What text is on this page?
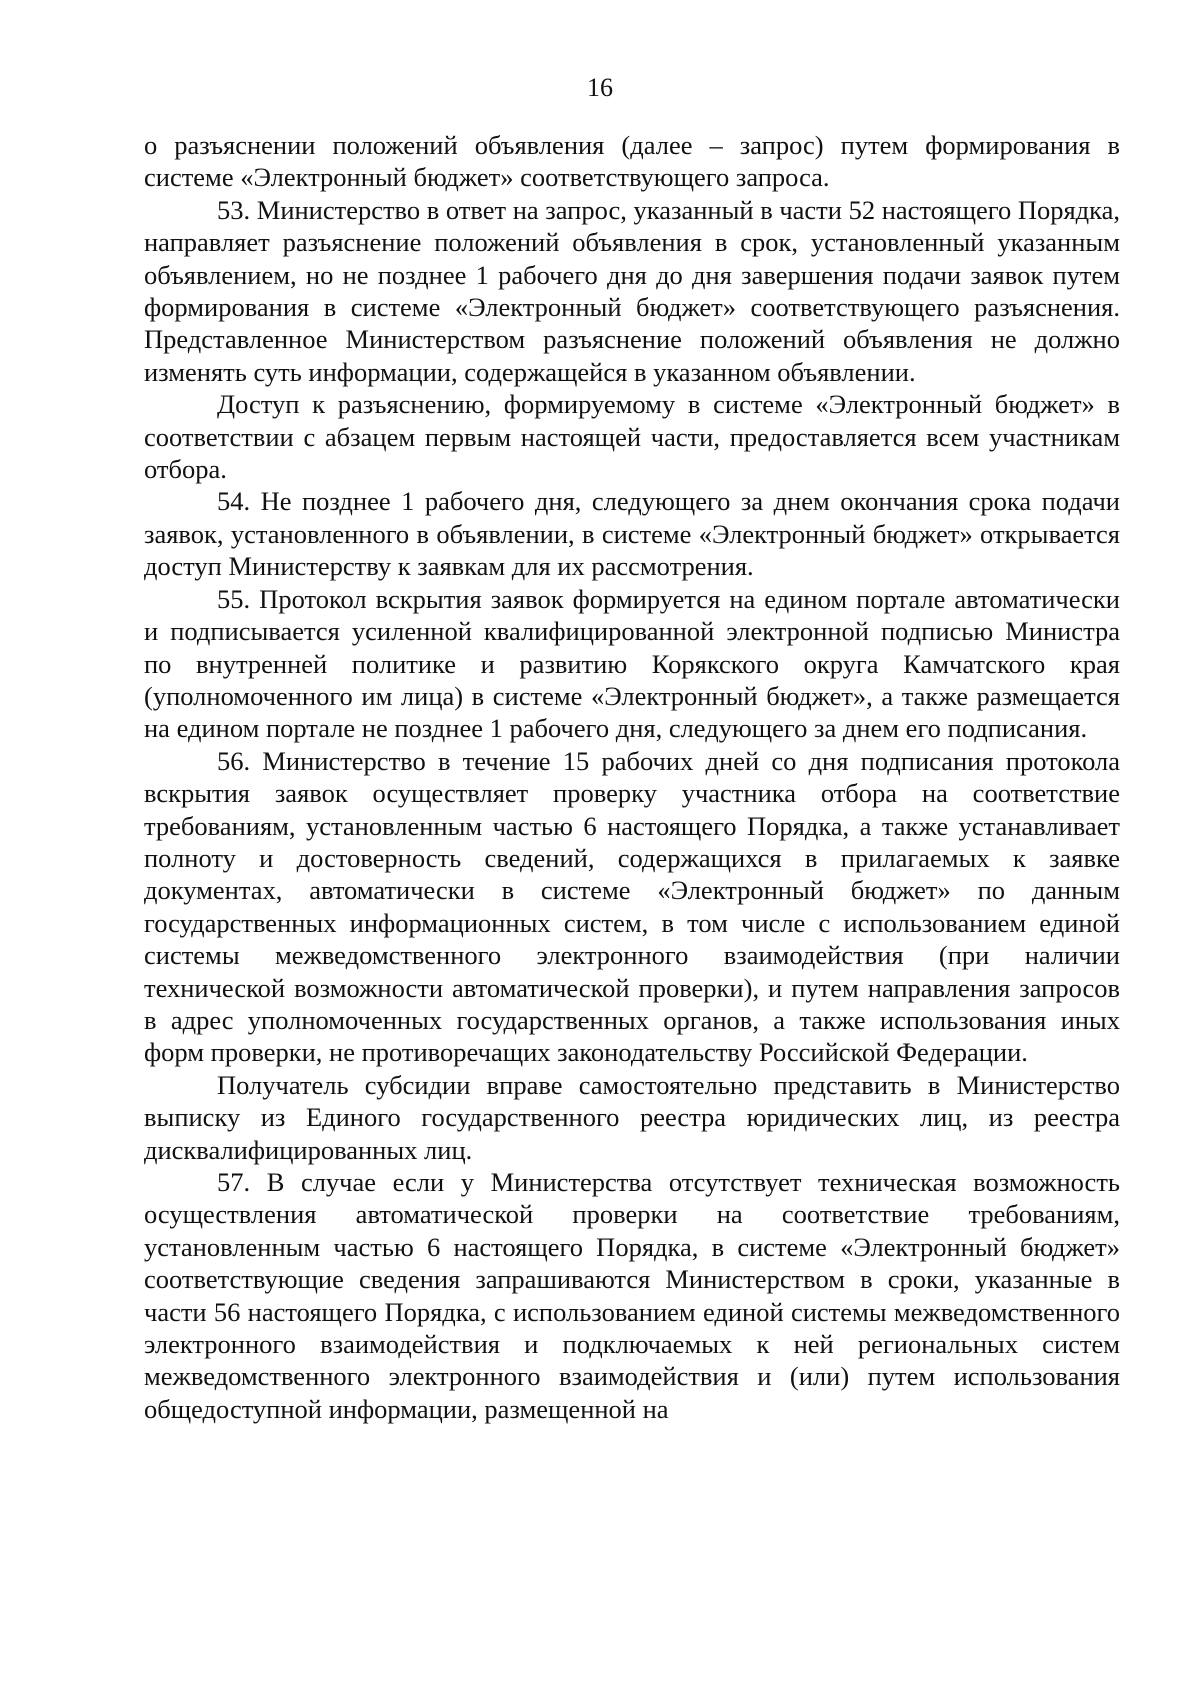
16

о разъяснении положений объявления (далее – запрос) путем формирования в системе «Электронный бюджет» соответствующего запроса.

53. Министерство в ответ на запрос, указанный в части 52 настоящего Порядка, направляет разъяснение положений объявления в срок, установленный указанным объявлением, но не позднее 1 рабочего дня до дня завершения подачи заявок путем формирования в системе «Электронный бюджет» соответствующего разъяснения. Представленное Министерством разъяснение положений объявления не должно изменять суть информации, содержащейся в указанном объявлении.

Доступ к разъяснению, формируемому в системе «Электронный бюджет» в соответствии с абзацем первым настоящей части, предоставляется всем участникам отбора.

54. Не позднее 1 рабочего дня, следующего за днем окончания срока подачи заявок, установленного в объявлении, в системе «Электронный бюджет» открывается доступ Министерству к заявкам для их рассмотрения.

55. Протокол вскрытия заявок формируется на едином портале автоматически и подписывается усиленной квалифицированной электронной подписью Министра по внутренней политике и развитию Корякского округа Камчатского края (уполномоченного им лица) в системе «Электронный бюджет», а также размещается на едином портале не позднее 1 рабочего дня, следующего за днем его подписания.

56. Министерство в течение 15 рабочих дней со дня подписания протокола вскрытия заявок осуществляет проверку участника отбора на соответствие требованиям, установленным частью 6 настоящего Порядка, а также устанавливает полноту и достоверность сведений, содержащихся в прилагаемых к заявке документах, автоматически в системе «Электронный бюджет» по данным государственных информационных систем, в том числе с использованием единой системы межведомственного электронного взаимодействия (при наличии технической возможности автоматической проверки), и путем направления запросов в адрес уполномоченных государственных органов, а также использования иных форм проверки, не противоречащих законодательству Российской Федерации.

Получатель субсидии вправе самостоятельно представить в Министерство выписку из Единого государственного реестра юридических лиц, из реестра дисквалифицированных лиц.

57. В случае если у Министерства отсутствует техническая возможность осуществления автоматической проверки на соответствие требованиям, установленным частью 6 настоящего Порядка, в системе «Электронный бюджет» соответствующие сведения запрашиваются Министерством в сроки, указанные в части 56 настоящего Порядка, с использованием единой системы межведомственного электронного взаимодействия и подключаемых к ней региональных систем межведомственного электронного взаимодействия и (или) путем использования общедоступной информации, размещенной на
